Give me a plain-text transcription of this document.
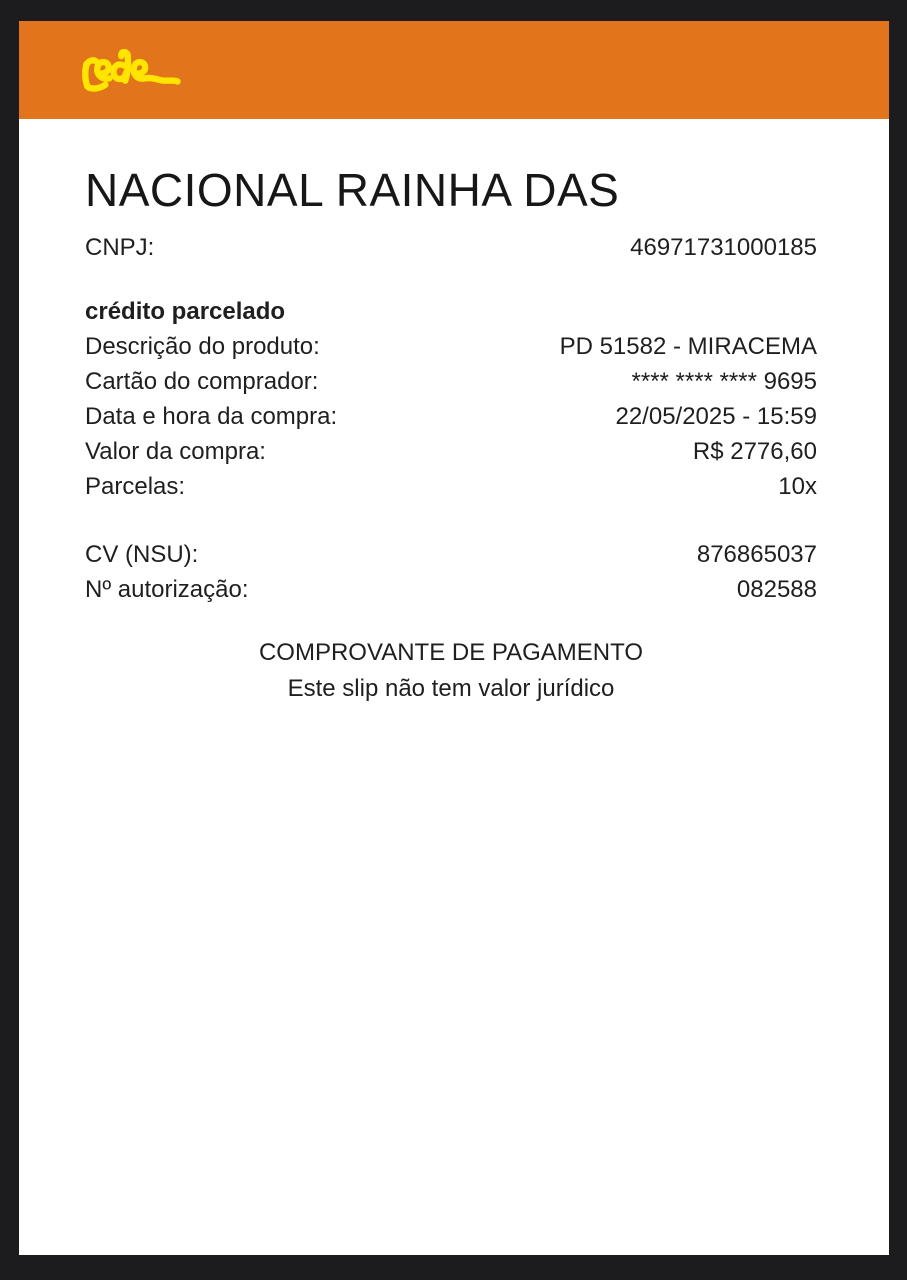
NACIONAL RAINHA DAS
CNPJ:	46971731000185
crédito parcelado
Descrição do produto:	PD 51582 - MIRACEMA
Cartão do comprador:	**** **** **** 9695
Data e hora da compra:	22/05/2025 - 15:59
Valor da compra:	R$ 2776,60
Parcelas:	10x
CV (NSU):	876865037
Nº autorização:	082588
COMPROVANTE DE PAGAMENTO
Este slip não tem valor jurídico
